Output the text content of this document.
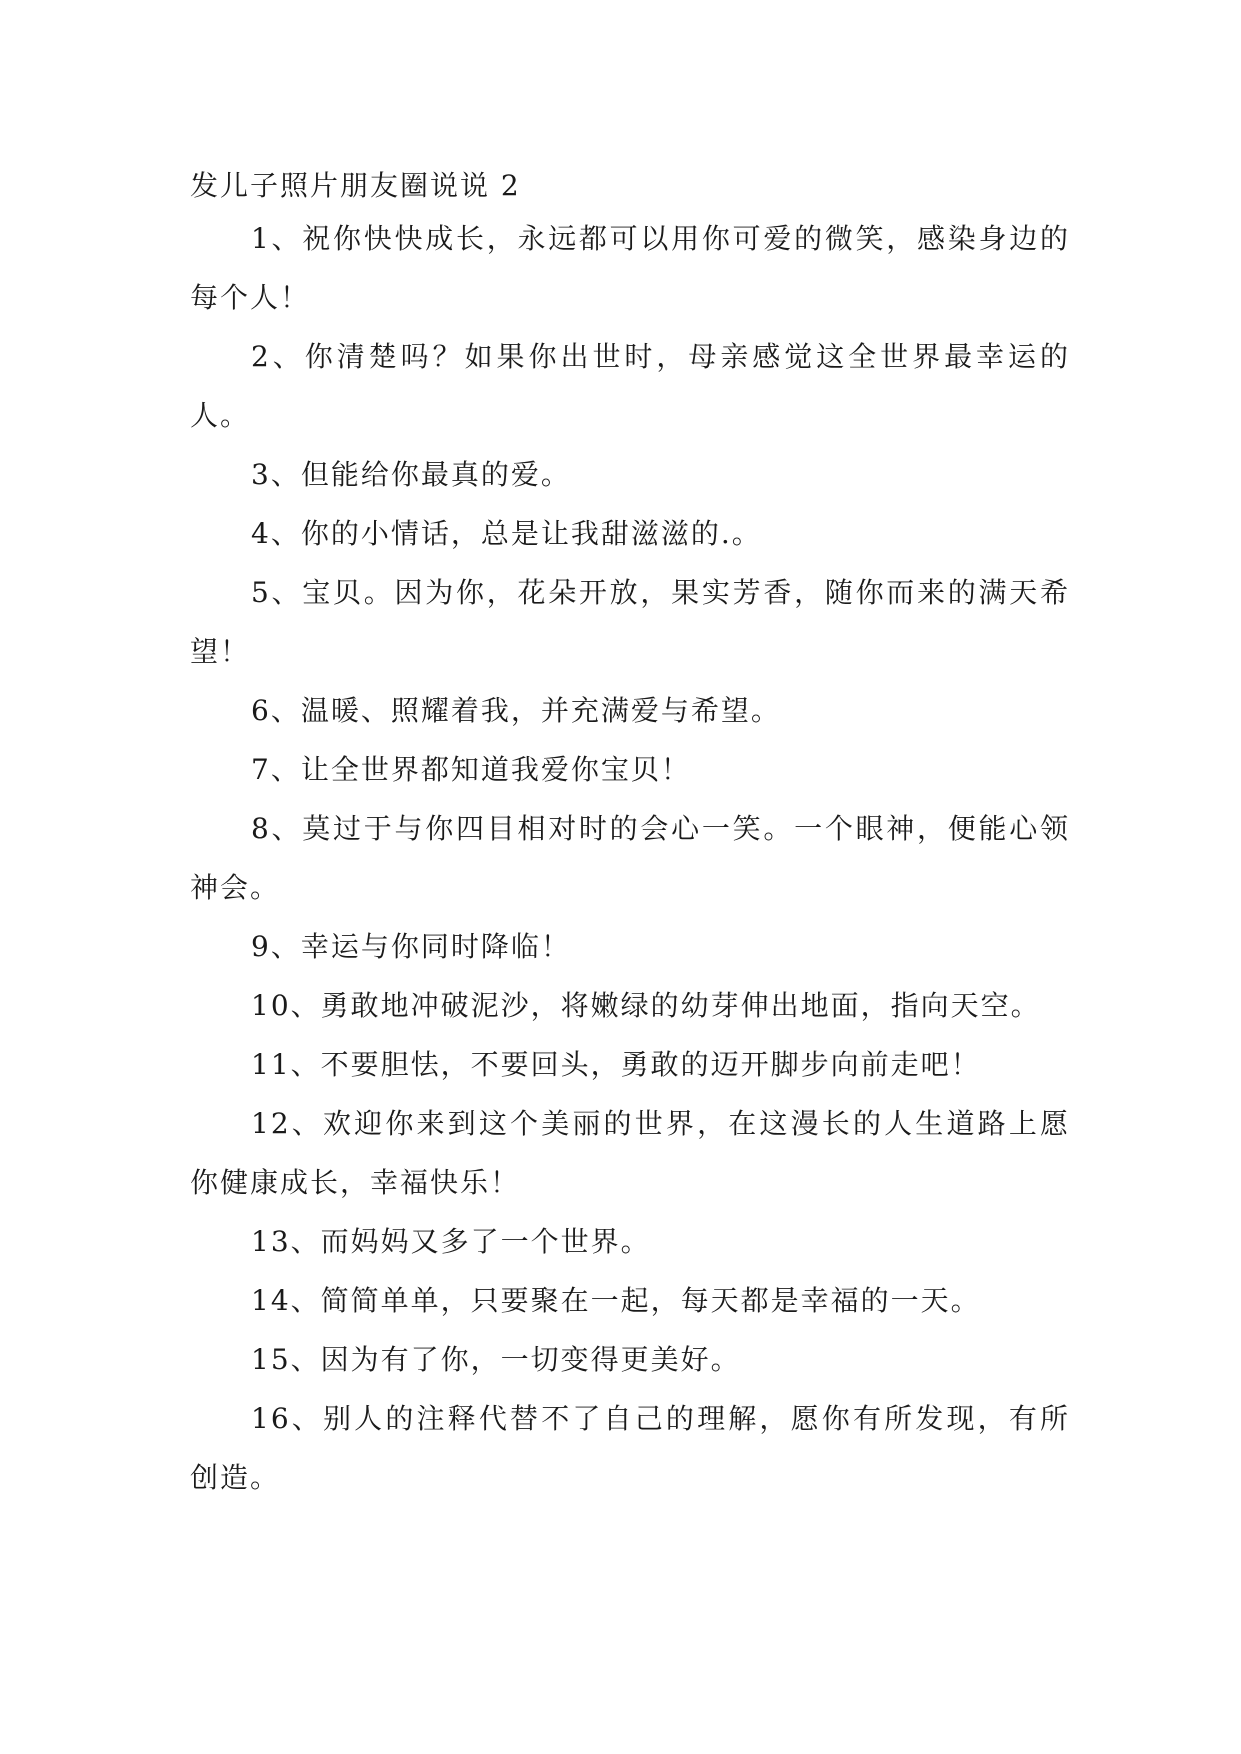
发儿子照片朋友圈说说 2

1、祝你快快成长，永远都可以用你可爱的微笑，感染身边的每个人！

2、你清楚吗？如果你出世时，母亲感觉这全世界最幸运的人。

3、但能给你最真的爱。

4、你的小情话，总是让我甜滋滋的.。

5、宝贝。因为你，花朵开放，果实芳香，随你而来的满天希望！

6、温暖、照耀着我，并充满爱与希望。

7、让全世界都知道我爱你宝贝！

8、莫过于与你四目相对时的会心一笑。一个眼神，便能心领神会。

9、幸运与你同时降临！

10、勇敢地冲破泥沙，将嫩绿的幼芽伸出地面，指向天空。

11、不要胆怯，不要回头，勇敢的迈开脚步向前走吧！

12、欢迎你来到这个美丽的世界，在这漫长的人生道路上愿你健康成长，幸福快乐！

13、而妈妈又多了一个世界。

14、简简单单，只要聚在一起，每天都是幸福的一天。

15、因为有了你，一切变得更美好。

16、别人的注释代替不了自己的理解，愿你有所发现，有所创造。
